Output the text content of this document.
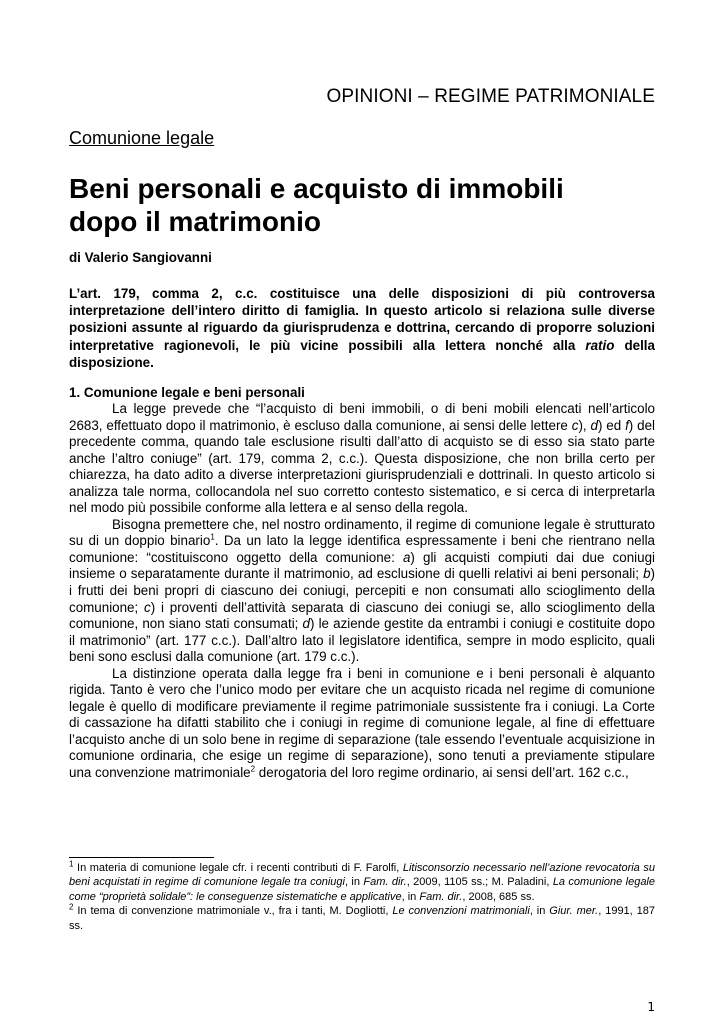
OPINIONI – REGIME PATRIMONIALE
Comunione legale
Beni personali e acquisto di immobili
dopo il matrimonio
di Valerio Sangiovanni
L’art. 179, comma 2, c.c. costituisce una delle disposizioni di più controversa interpretazione dell’intero diritto di famiglia. In questo articolo si relaziona sulle diverse posizioni assunte al riguardo da giurisprudenza e dottrina, cercando di proporre soluzioni interpretative ragionevoli, le più vicine possibili alla lettera nonché alla ratio della disposizione.
1. Comunione legale e beni personali

La legge prevede che “l’acquisto di beni immobili, o di beni mobili elencati nell’articolo 2683, effettuato dopo il matrimonio, è escluso dalla comunione, ai sensi delle lettere c), d) ed f) del precedente comma, quando tale esclusione risulti dall’atto di acquisto se di esso sia stato parte anche l’altro coniuge” (art. 179, comma 2, c.c.). Questa disposizione, che non brilla certo per chiarezza, ha dato adito a diverse interpretazioni giurisprudenziali e dottrinali. In questo articolo si analizza tale norma, collocandola nel suo corretto contesto sistematico, e si cerca di interpretarla nel modo più possibile conforme alla lettera e al senso della regola.

Bisogna premettere che, nel nostro ordinamento, il regime di comunione legale è strutturato su di un doppio binario$^1$. Da un lato la legge identifica espressamente i beni che rientrano nella comunione: “costituiscono oggetto della comunione: a) gli acquisti compiuti dai due coniugi insieme o separatamente durante il matrimonio, ad esclusione di quelli relativi ai beni personali; b) i frutti dei beni propri di ciascuno dei coniugi, percepiti e non consumati allo scioglimento della comunione; c) i proventi dell’attività separata di ciascuno dei coniugi se, allo scioglimento della comunione, non siano stati consumati; d) le aziende gestite da entrambi i coniugi e costituite dopo il matrimonio” (art. 177 c.c.). Dall’altro lato il legislatore identifica, sempre in modo esplicito, quali beni sono esclusi dalla comunione (art. 179 c.c.).

La distinzione operata dalla legge fra i beni in comunione e i beni personali è alquanto rigida. Tanto è vero che l’unico modo per evitare che un acquisto ricada nel regime di comunione legale è quello di modificare previamente il regime patrimoniale sussistente fra i coniugi. La Corte di cassazione ha difatti stabilito che i coniugi in regime di comunione legale, al fine di effettuare l’acquisto anche di un solo bene in regime di separazione (tale essendo l’eventuale acquisizione in comunione ordinaria, che esige un regime di separazione), sono tenuti a previamente stipulare una convenzione matrimoniale$^2$ derogatoria del loro regime ordinario, ai sensi dell’art. 162 c.c.,

$^1$ In materia di comunione legale cfr. i recenti contributi di F. Farolfi, Litisconsorzio necessario nell’azione revocatoria su beni acquistati in regime di comunione legale tra coniugi, in Fam. dir., 2009, 1105 ss.; M. Paladini, La comunione legale come “proprietà solidale”: le conseguenze sistematiche e applicative, in Fam. dir., 2008, 685 ss.

$^2$ In tema di convenzione matrimoniale v., fra i tanti, M. Dogliotti, Le convenzioni matrimoniali, in Giur. mer., 1991, 187 ss.

1
